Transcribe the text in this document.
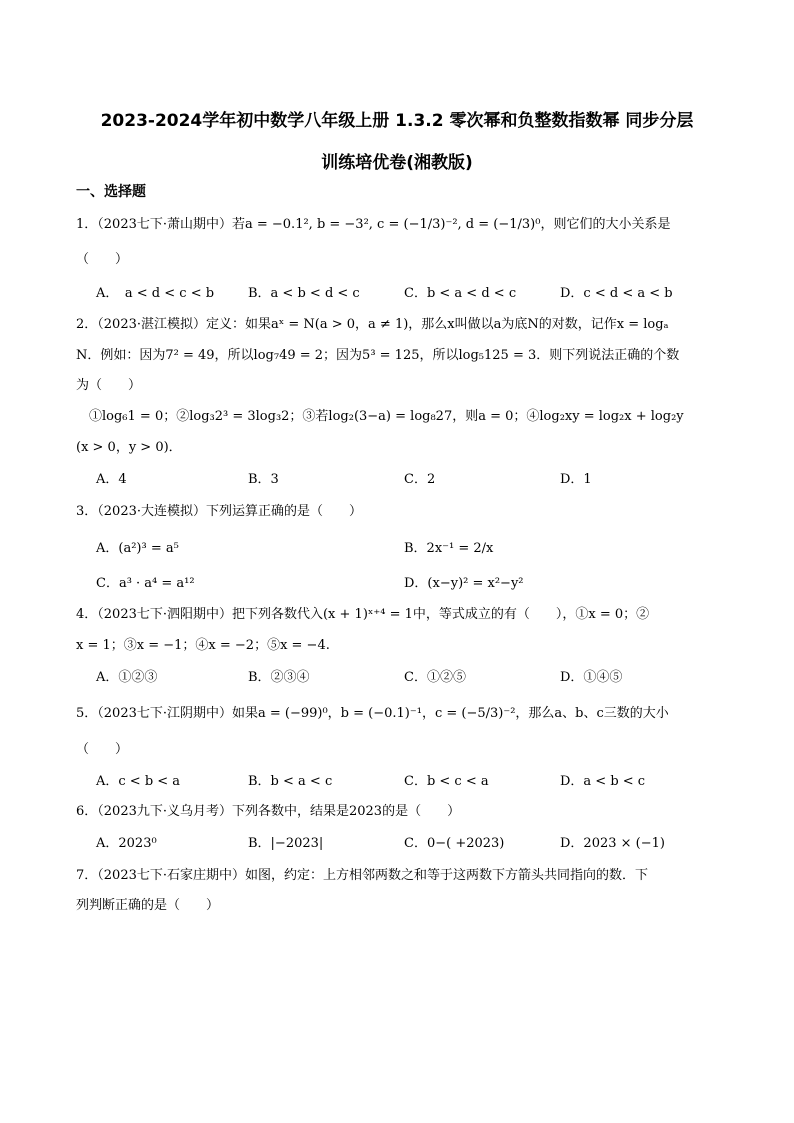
2023-2024学年初中数学八年级上册 1.3.2 零次幂和负整数指数幂 同步分层
训练培优卷(湘教版)
一、选择题
1．（2023七下·萧山期中）若a = −0.1², b = −3², c = (−1/3)⁻², d = (−1/3)⁰，则它们的大小关系是
（　　）
A．　a < d < c < b	B．a < b < d < c	C．b < a < d < c	D．c < d < a < b
2．（2023·湛江模拟）定义：如果aˣ = N(a > 0，a ≠ 1)，那么x叫做以a为底N的对数，记作x = logₐ
N．例如：因为7² = 49，所以log₇49 = 2；因为5³ = 125，所以log₅125 = 3．则下列说法正确的个数
为（　　）
　①log₆1 = 0；②log₃2³ = 3log₃2；③若log₂(3−a) = log₈27，则a = 0；④log₂xy = log₂x + log₂y
(x > 0，y > 0)．
A．4	B．3	C．2	D．1
3．（2023·大连模拟）下列运算正确的是（　　）
A．(a²)³ = a⁵	B．2x⁻¹ = 2/x
C．a³ · a⁴ = a¹²	D．(x−y)² = x²−y²
4．（2023七下·泗阳期中）把下列各数代入(x + 1)ˣ⁺⁴ = 1中，等式成立的有（　　），①x = 0；②
x = 1；③x = −1；④x = −2；⑤x = −4.
A．①②③	B．②③④	C．①②⑤	D．①④⑤
5．（2023七下·江阴期中）如果a = (−99)⁰，b = (−0.1)⁻¹，c = (−5/3)⁻²，那么a、b、c三数的大小
（　　）
A．c < b < a	B．b < a < c	C．b < c < a	D．a < b < c
6．（2023九下·义乌月考）下列各数中，结果是2023的是（　　）
A．2023⁰	B．|−2023|	C．0−( +2023)	D．2023 × (−1)
7．（2023七下·石家庄期中）如图，约定：上方相邻两数之和等于这两数下方箭头共同指向的数．下
列判断正确的是（　　）
